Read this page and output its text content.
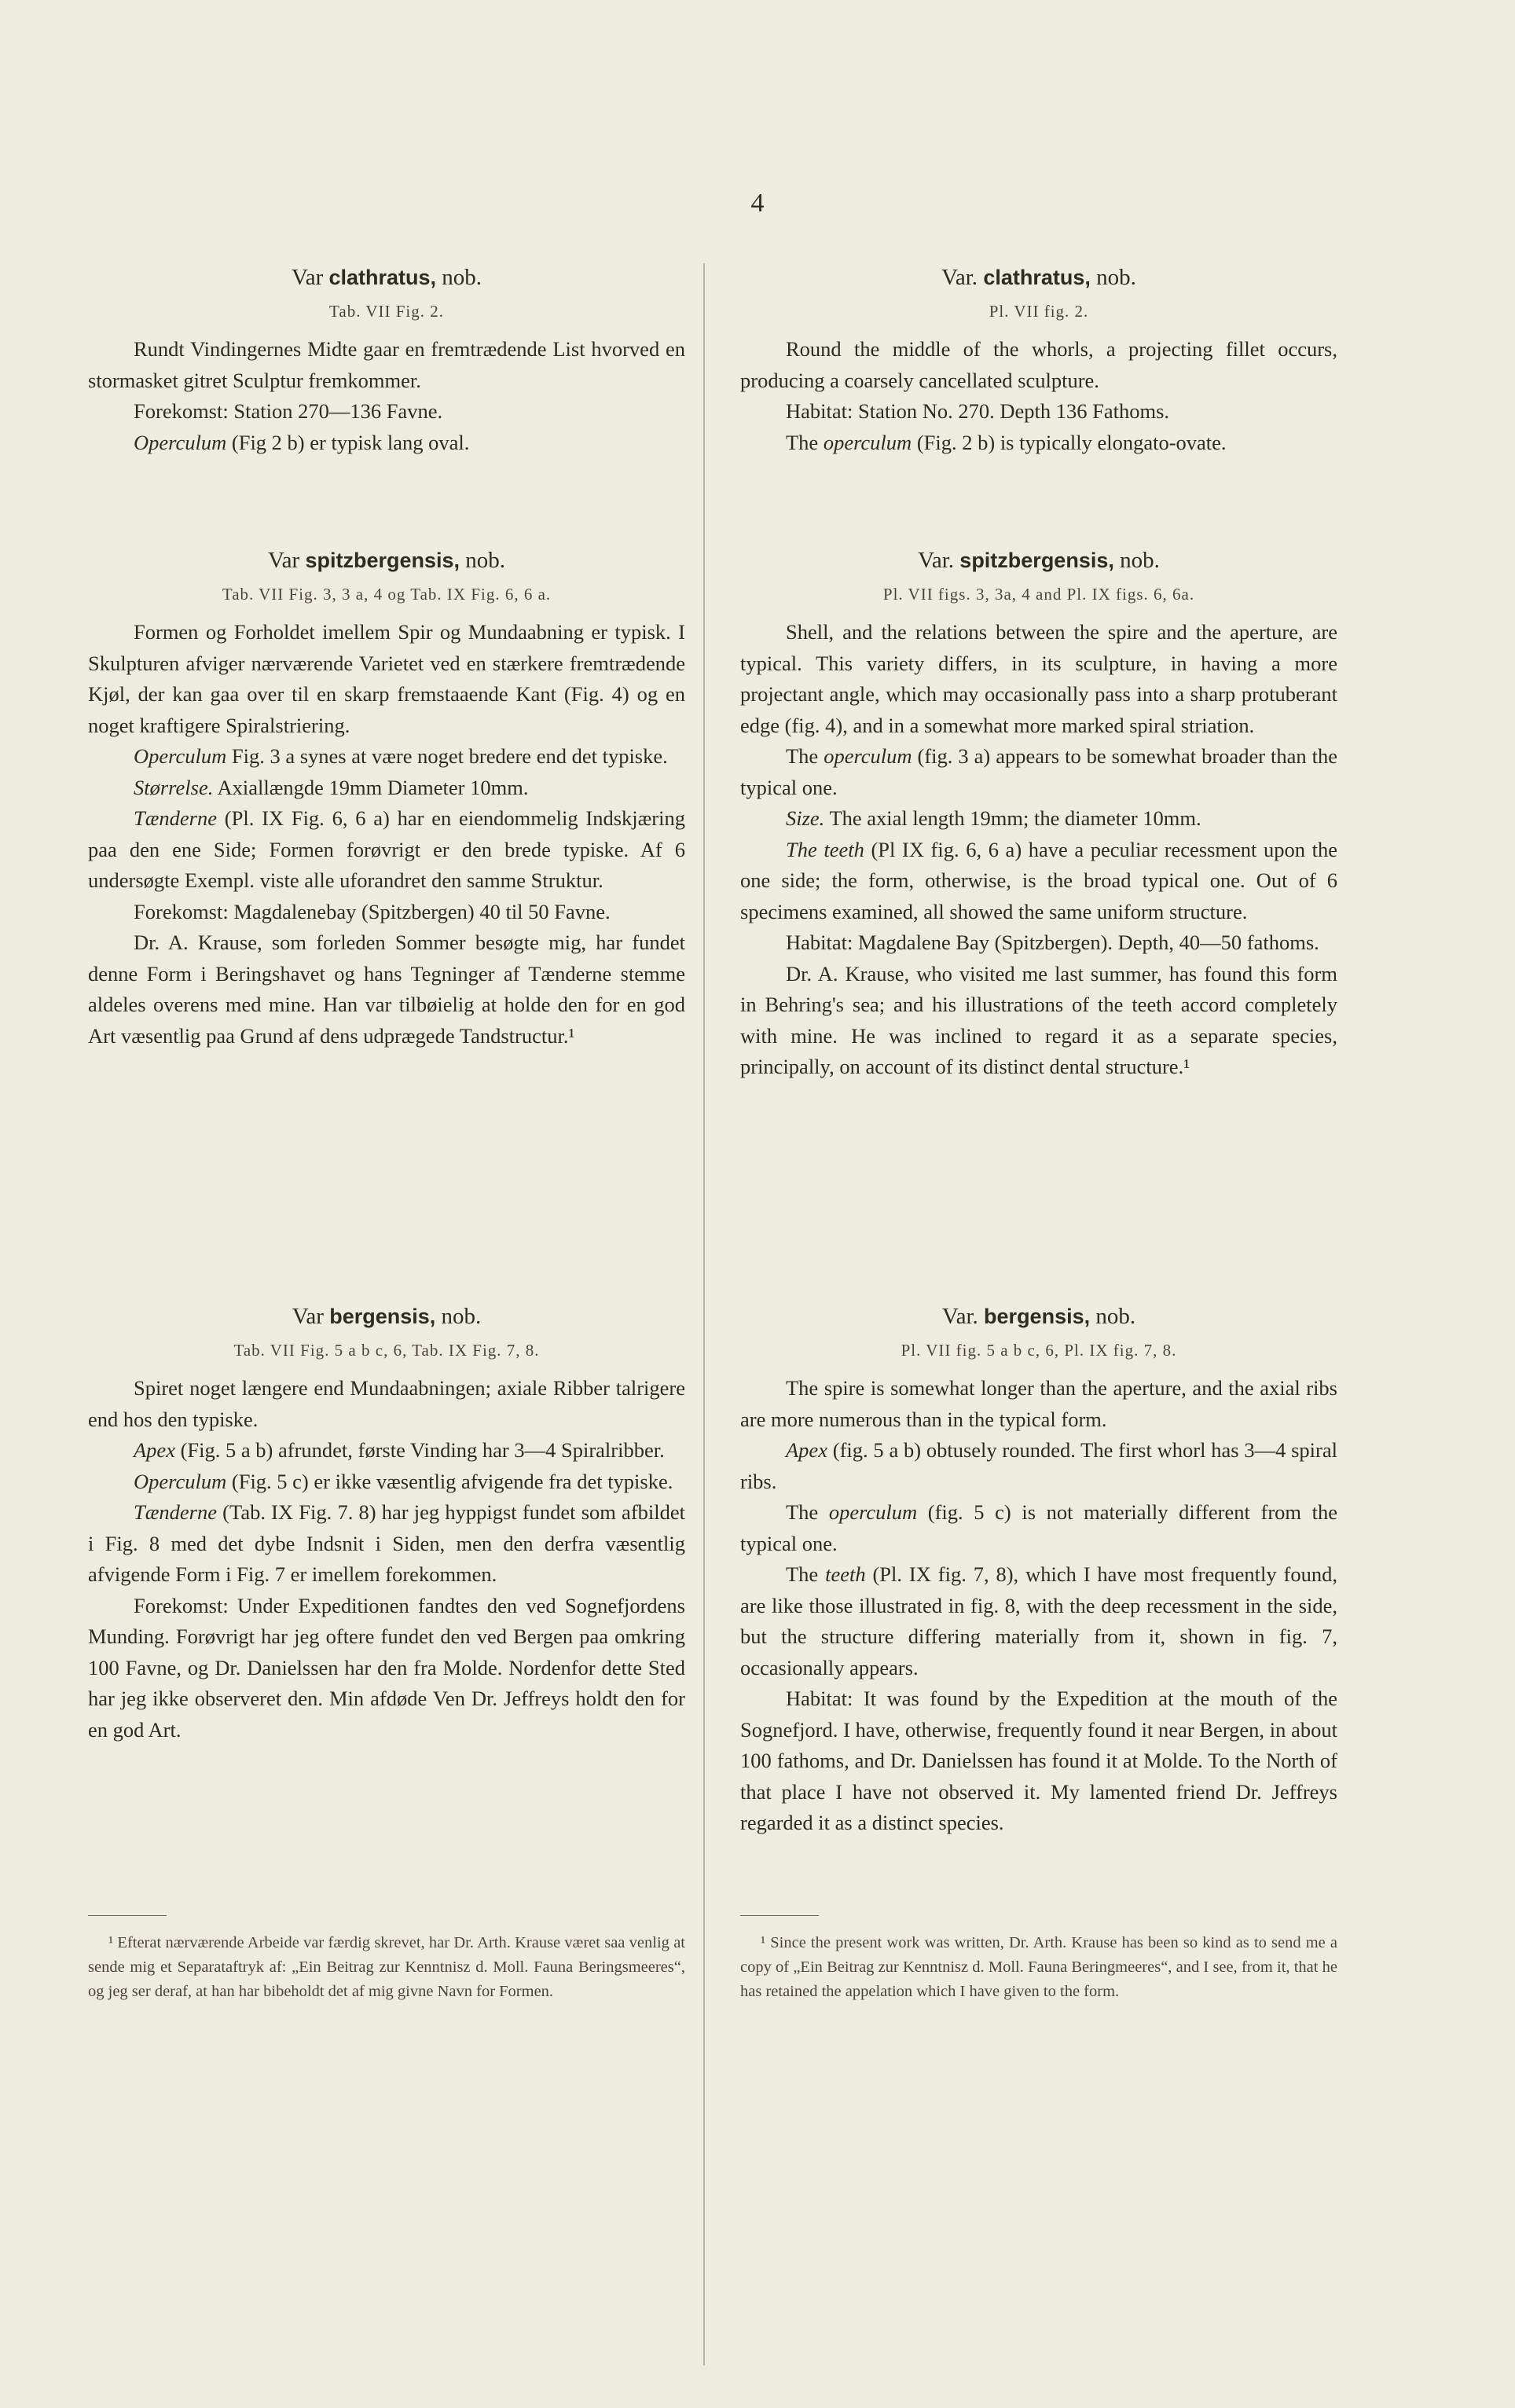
4

Var clathratus, nob.

Tab. VII Fig. 2.

Rundt Vindingernes Midte gaar en fremtrædende List hvorved en stormasket gitret Sculptur fremkommer.

Forekomst: Station 270—136 Favne.

Operculum (Fig 2 b) er typisk lang oval.

Var spitzbergensis, nob.

Tab. VII Fig. 3, 3 a, 4 og Tab. IX Fig. 6, 6 a.

Formen og Forholdet imellem Spir og Mundaabning er typisk. I Skulpturen afviger nærværende Varietet ved en stærkere fremtrædende Kjøl, der kan gaa over til en skarp fremstaaende Kant (Fig. 4) og en noget kraftigere Spiralstriering.

Operculum Fig. 3 a synes at være noget bredere end det typiske.

Størrelse. Axiallængde 19mm Diameter 10mm.

Tænderne (Pl. IX Fig. 6, 6 a) har en eiendommelig Indskjæring paa den ene Side; Formen forøvrigt er den brede typiske. Af 6 undersøgte Exempl. viste alle uforandret den samme Struktur.

Forekomst: Magdalenebay (Spitzbergen) 40 til 50 Favne.

Dr. A. Krause, som forleden Sommer besøgte mig, har fundet denne Form i Beringshavet og hans Tegninger af Tænderne stemme aldeles overens med mine. Han var tilbøielig at holde den for en god Art væsentlig paa Grund af dens udprægede Tandstructur.¹

Var bergensis, nob.

Tab. VII Fig. 5 a b c, 6, Tab. IX Fig. 7, 8.

Spiret noget længere end Mundaabningen; axiale Ribber talrigere end hos den typiske.

Apex (Fig. 5 a b) afrundet, første Vinding har 3—4 Spiralribber.

Operculum (Fig. 5 c) er ikke væsentlig afvigende fra det typiske.

Tænderne (Tab. IX Fig. 7. 8) har jeg hyppigst fundet som afbildet i Fig. 8 med det dybe Indsnit i Siden, men den derfra væsentlig afvigende Form i Fig. 7 er imellem forekommen.

Forekomst: Under Expeditionen fandtes den ved Sognefjordens Munding. Forøvrigt har jeg oftere fundet den ved Bergen paa omkring 100 Favne, og Dr. Danielssen har den fra Molde. Nordenfor dette Sted har jeg ikke observeret den. Min afdøde Ven Dr. Jeffreys holdt den for en god Art.

¹ Efterat nærværende Arbeide var færdig skrevet, har Dr. Arth. Krause været saa venlig at sende mig et Separataftryk af: „Ein Beitrag zur Kenntnisz d. Moll. Fauna Beringsmeeres“, og jeg ser deraf, at han har bibeholdt det af mig givne Navn for Formen.

Var. clathratus, nob.

Pl. VII fig. 2.

Round the middle of the whorls, a projecting fillet occurs, producing a coarsely cancellated sculpture.

Habitat: Station No. 270. Depth 136 Fathoms.

The operculum (Fig. 2 b) is typically elongato-ovate.

Var. spitzbergensis, nob.

Pl. VII figs. 3, 3a, 4 and Pl. IX figs. 6, 6a.

Shell, and the relations between the spire and the aperture, are typical. This variety differs, in its sculpture, in having a more projectant angle, which may occasionally pass into a sharp protuberant edge (fig. 4), and in a somewhat more marked spiral striation.

The operculum (fig. 3 a) appears to be somewhat broader than the typical one.

Size. The axial length 19mm; the diameter 10mm.

The teeth (Pl IX fig. 6, 6 a) have a peculiar recessment upon the one side; the form, otherwise, is the broad typical one. Out of 6 specimens examined, all showed the same uniform structure.

Habitat: Magdalene Bay (Spitzbergen). Depth, 40—50 fathoms.

Dr. A. Krause, who visited me last summer, has found this form in Behring's sea; and his illustrations of the teeth accord completely with mine. He was inclined to regard it as a separate species, principally, on account of its distinct dental structure.¹

Var. bergensis, nob.

Pl. VII fig. 5 a b c, 6, Pl. IX fig. 7, 8.

The spire is somewhat longer than the aperture, and the axial ribs are more numerous than in the typical form.

Apex (fig. 5 a b) obtusely rounded. The first whorl has 3—4 spiral ribs.

The operculum (fig. 5 c) is not materially different from the typical one.

The teeth (Pl. IX fig. 7, 8), which I have most frequently found, are like those illustrated in fig. 8, with the deep recessment in the side, but the structure differing materially from it, shown in fig. 7, occasionally appears.

Habitat: It was found by the Expedition at the mouth of the Sognefjord. I have, otherwise, frequently found it near Bergen, in about 100 fathoms, and Dr. Danielssen has found it at Molde. To the North of that place I have not observed it. My lamented friend Dr. Jeffreys regarded it as a distinct species.

¹ Since the present work was written, Dr. Arth. Krause has been so kind as to send me a copy of „Ein Beitrag zur Kenntnisz d. Moll. Fauna Beringmeeres“, and I see, from it, that he has retained the appelation which I have given to the form.
